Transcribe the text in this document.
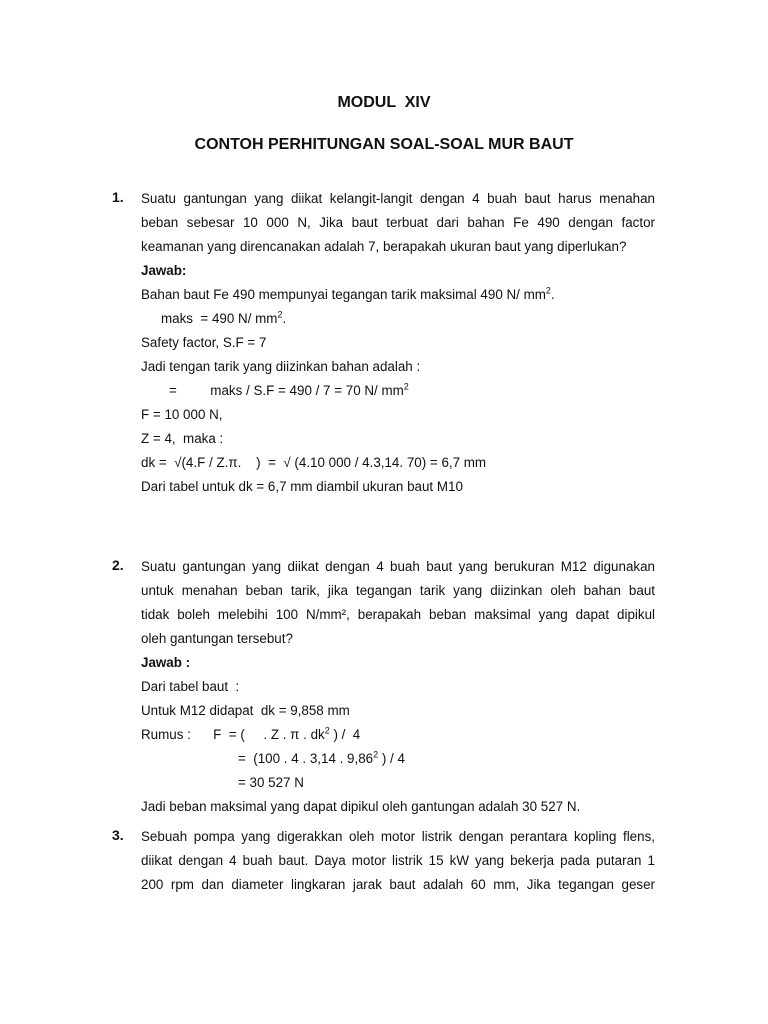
MODUL  XIV
CONTOH PERHITUNGAN SOAL-SOAL MUR BAUT
1. Suatu gantungan yang diikat kelangit-langit dengan 4 buah baut harus menahan
beban sebesar 10 000 N, Jika baut terbuat dari bahan Fe 490 dengan factor
keamanan yang direncanakan adalah 7, berapakah ukuran baut yang diperlukan?
Jawab:
Bahan baut Fe 490 mempunyai tegangan tarik maksimal 490 N/ $mm^2$.
maks  = 490 N/ $mm^2$.
Safety factor, S.F = 7
Jadi tengan tarik yang diizinkan bahan adalah :
=         maks / S.F = 490 / 7 = 70 N/ $mm^2$
F = 10 000 N,
Z = 4,  maka :
dk =  √(4.F / Z.π.    )  =  √ (4.10 000 / 4.3,14. 70) = 6,7 mm
Dari tabel untuk dk = 6,7 mm diambil ukuran baut M10
2. Suatu gantungan yang diikat dengan 4 buah baut yang berukuran M12 digunakan
untuk menahan beban tarik, jika tegangan tarik yang diizinkan oleh bahan baut
tidak boleh melebihi 100 N/mm², berapakah beban maksimal yang dapat dipikul
oleh gantungan tersebut?
Jawab :
Dari tabel baut  :
Untuk M12 didapat  dk = 9,858 mm
Rumus :      F  = (     . Z . π . $dk^2$ ) /  4
=  (100 . 4 . 3,14 . 9,86$^2$ ) / 4
= 30 527 N
Jadi beban maksimal yang dapat dipikul oleh gantungan adalah 30 527 N.
3. Sebuah pompa yang digerakkan oleh motor listrik dengan perantara kopling flens,
diikat dengan 4 buah baut. Daya motor listrik 15 kW yang bekerja pada putaran 1
200 rpm dan diameter lingkaran jarak baut adalah 60 mm, Jika tegangan geser
